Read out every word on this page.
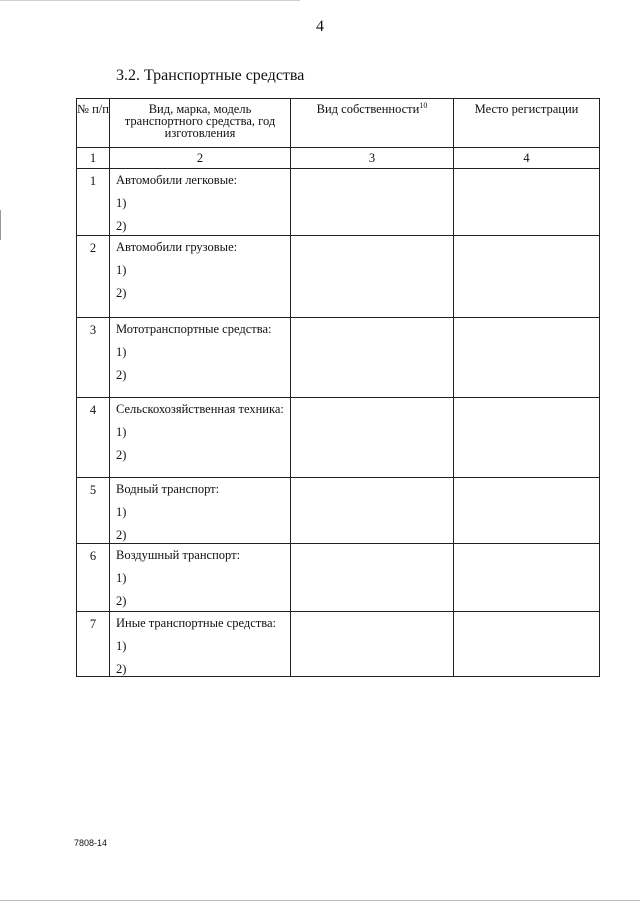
4
3.2. Транспортные средства
№ п/п	Вид, марка, модель транспортного средства, год изготовления	Вид собственности$^{10}$	Место регистрации
1	2	3	4
1	Автомобили легковые:
1)
2)		

2	Автомобили грузовые:
1)
2)		

3	Мототранспортные средства:
1)
2)		

4	Сельскохозяйственная техника:
1)
2)		

5	Водный транспорт:
1)
2)		

6	Воздушный транспорт:
1)
2)		

7	Иные транспортные средства:
1)
2)		

7808-14
